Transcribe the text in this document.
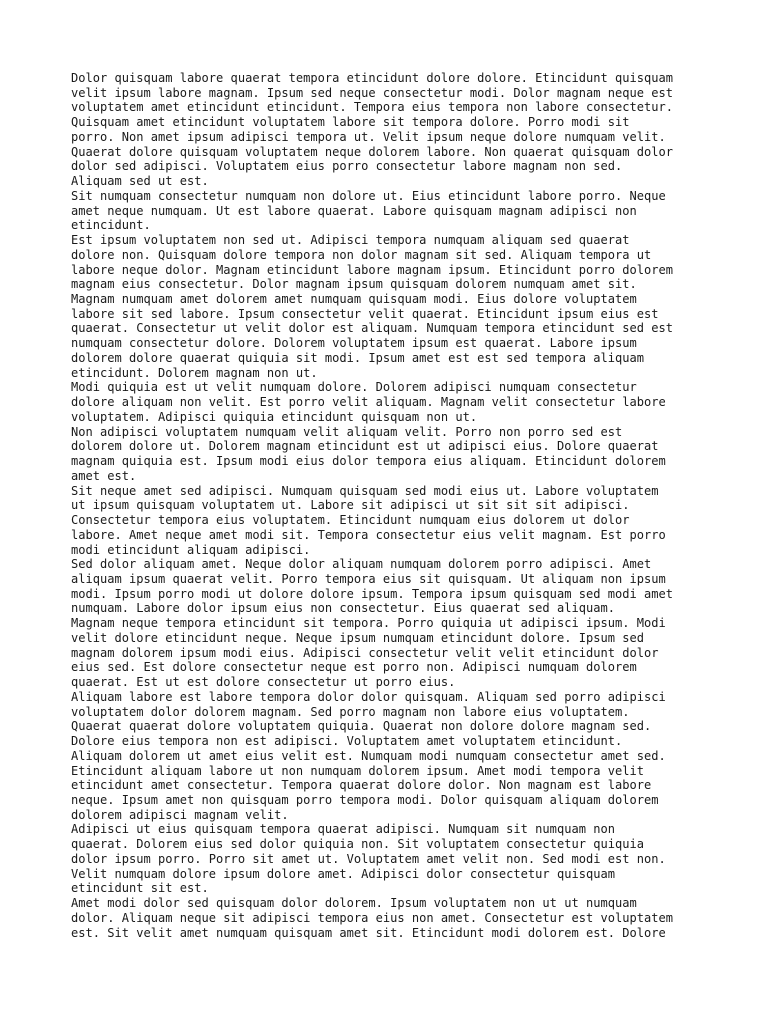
Dolor quisquam labore quaerat tempora etincidunt dolore dolore. Etincidunt quisquam
velit ipsum labore magnam. Ipsum sed neque consectetur modi. Dolor magnam neque est
voluptatem amet etincidunt etincidunt. Tempora eius tempora non labore consectetur.
Quisquam amet etincidunt voluptatem labore sit tempora dolore. Porro modi sit
porro. Non amet ipsum adipisci tempora ut. Velit ipsum neque dolore numquam velit.
Quaerat dolore quisquam voluptatem neque dolorem labore. Non quaerat quisquam dolor
dolor sed adipisci. Voluptatem eius porro consectetur labore magnam non sed.
Aliquam sed ut est.

Sit numquam consectetur numquam non dolore ut. Eius etincidunt labore porro. Neque
amet neque numquam. Ut est labore quaerat. Labore quisquam magnam adipisci non
etincidunt.

Est ipsum voluptatem non sed ut. Adipisci tempora numquam aliquam sed quaerat
dolore non. Quisquam dolore tempora non dolor magnam sit sed. Aliquam tempora ut
labore neque dolor. Magnam etincidunt labore magnam ipsum. Etincidunt porro dolorem
magnam eius consectetur. Dolor magnam ipsum quisquam dolorem numquam amet sit.
Magnam numquam amet dolorem amet numquam quisquam modi. Eius dolore voluptatem
labore sit sed labore. Ipsum consectetur velit quaerat. Etincidunt ipsum eius est
quaerat. Consectetur ut velit dolor est aliquam. Numquam tempora etincidunt sed est
numquam consectetur dolore. Dolorem voluptatem ipsum est quaerat. Labore ipsum
dolorem dolore quaerat quiquia sit modi. Ipsum amet est est sed tempora aliquam
etincidunt. Dolorem magnam non ut.

Modi quiquia est ut velit numquam dolore. Dolorem adipisci numquam consectetur
dolore aliquam non velit. Est porro velit aliquam. Magnam velit consectetur labore
voluptatem. Adipisci quiquia etincidunt quisquam non ut.

Non adipisci voluptatem numquam velit aliquam velit. Porro non porro sed est
dolorem dolore ut. Dolorem magnam etincidunt est ut adipisci eius. Dolore quaerat
magnam quiquia est. Ipsum modi eius dolor tempora eius aliquam. Etincidunt dolorem
amet est.

Sit neque amet sed adipisci. Numquam quisquam sed modi eius ut. Labore voluptatem
ut ipsum quisquam voluptatem ut. Labore sit adipisci ut sit sit sit adipisci.
Consectetur tempora eius voluptatem. Etincidunt numquam eius dolorem ut dolor
labore. Amet neque amet modi sit. Tempora consectetur eius velit magnam. Est porro
modi etincidunt aliquam adipisci.

Sed dolor aliquam amet. Neque dolor aliquam numquam dolorem porro adipisci. Amet
aliquam ipsum quaerat velit. Porro tempora eius sit quisquam. Ut aliquam non ipsum
modi. Ipsum porro modi ut dolore dolore ipsum. Tempora ipsum quisquam sed modi amet
numquam. Labore dolor ipsum eius non consectetur. Eius quaerat sed aliquam.
Magnam neque tempora etincidunt sit tempora. Porro quiquia ut adipisci ipsum. Modi
velit dolore etincidunt neque. Neque ipsum numquam etincidunt dolore. Ipsum sed
magnam dolorem ipsum modi eius. Adipisci consectetur velit velit etincidunt dolor
eius sed. Est dolore consectetur neque est porro non. Adipisci numquam dolorem
quaerat. Est ut est dolore consectetur ut porro eius.

Aliquam labore est labore tempora dolor dolor quisquam. Aliquam sed porro adipisci
voluptatem dolor dolorem magnam. Sed porro magnam non labore eius voluptatem.
Quaerat quaerat dolore voluptatem quiquia. Quaerat non dolore dolore magnam sed.
Dolore eius tempora non est adipisci. Voluptatem amet voluptatem etincidunt.
Aliquam dolorem ut amet eius velit est. Numquam modi numquam consectetur amet sed.
Etincidunt aliquam labore ut non numquam dolorem ipsum. Amet modi tempora velit
etincidunt amet consectetur. Tempora quaerat dolore dolor. Non magnam est labore
neque. Ipsum amet non quisquam porro tempora modi. Dolor quisquam aliquam dolorem
dolorem adipisci magnam velit.

Adipisci ut eius quisquam tempora quaerat adipisci. Numquam sit numquam non
quaerat. Dolorem eius sed dolor quiquia non. Sit voluptatem consectetur quiquia
dolor ipsum porro. Porro sit amet ut. Voluptatem amet velit non. Sed modi est non.
Velit numquam dolore ipsum dolore amet. Adipisci dolor consectetur quisquam
etincidunt sit est.

Amet modi dolor sed quisquam dolor dolorem. Ipsum voluptatem non ut ut numquam
dolor. Aliquam neque sit adipisci tempora eius non amet. Consectetur est voluptatem
est. Sit velit amet numquam quisquam amet sit. Etincidunt modi dolorem est. Dolore
